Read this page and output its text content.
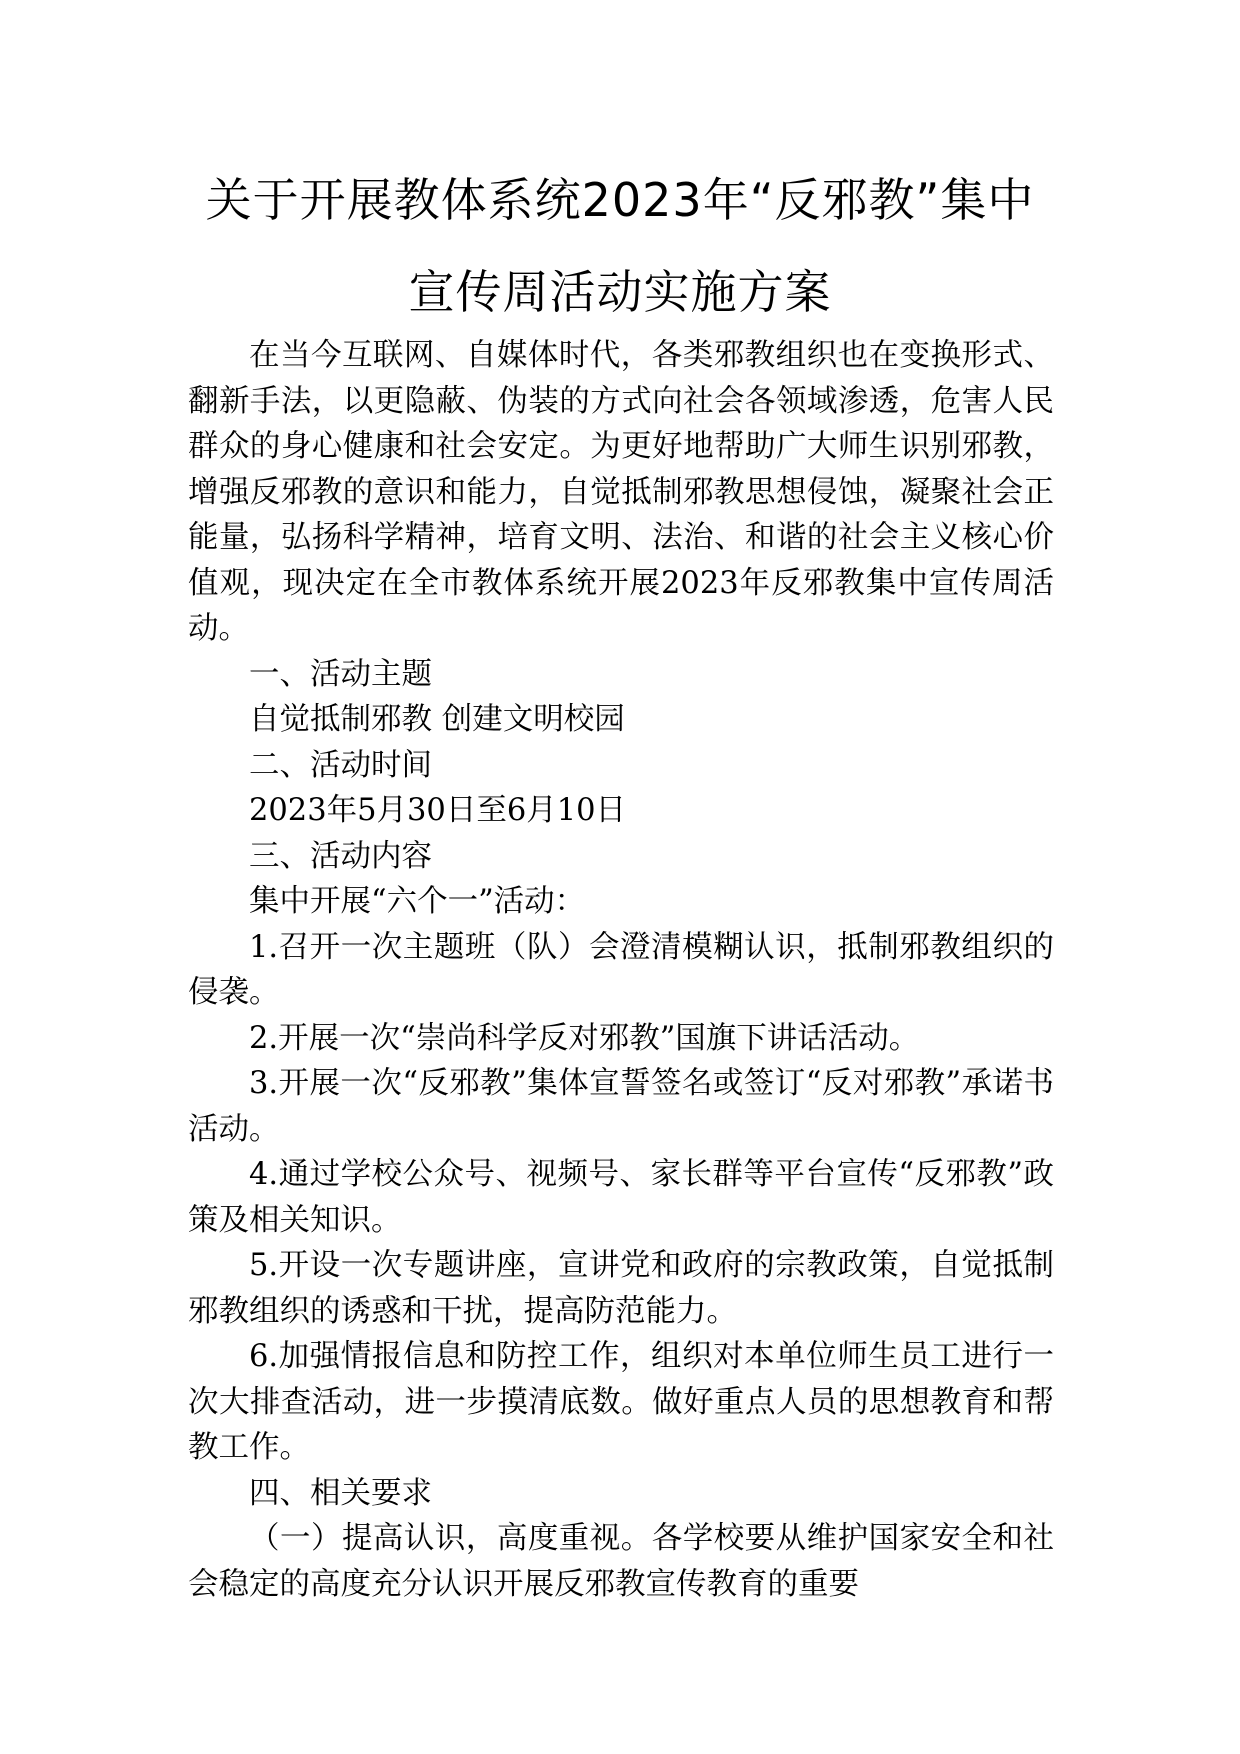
关于开展教体系统2023年“反邪教”集中
宣传周活动实施方案

在当今互联网、自媒体时代，各类邪教组织也在变换形式、翻新手法，以更隐蔽、伪装的方式向社会各领域渗透，危害人民群众的身心健康和社会安定。为更好地帮助广大师生识别邪教，增强反邪教的意识和能力，自觉抵制邪教思想侵蚀，凝聚社会正能量，弘扬科学精神，培育文明、法治、和谐的社会主义核心价值观，现决定在全市教体系统开展2023年反邪教集中宣传周活动。

一、活动主题

自觉抵制邪教 创建文明校园

二、活动时间

2023年5月30日至6月10日

三、活动内容

集中开展“六个一”活动：

1.召开一次主题班（队）会澄清模糊认识，抵制邪教组织的侵袭。

2.开展一次“崇尚科学反对邪教”国旗下讲话活动。

3.开展一次“反邪教”集体宣誓签名或签订“反对邪教”承诺书活动。

4.通过学校公众号、视频号、家长群等平台宣传“反邪教”政策及相关知识。

5.开设一次专题讲座，宣讲党和政府的宗教政策，自觉抵制邪教组织的诱惑和干扰，提高防范能力。

6.加强情报信息和防控工作，组织对本单位师生员工进行一次大排查活动，进一步摸清底数。做好重点人员的思想教育和帮教工作。

四、相关要求

（一）提高认识，高度重视。各学校要从维护国家安全和社会稳定的高度充分认识开展反邪教宣传教育的重要
